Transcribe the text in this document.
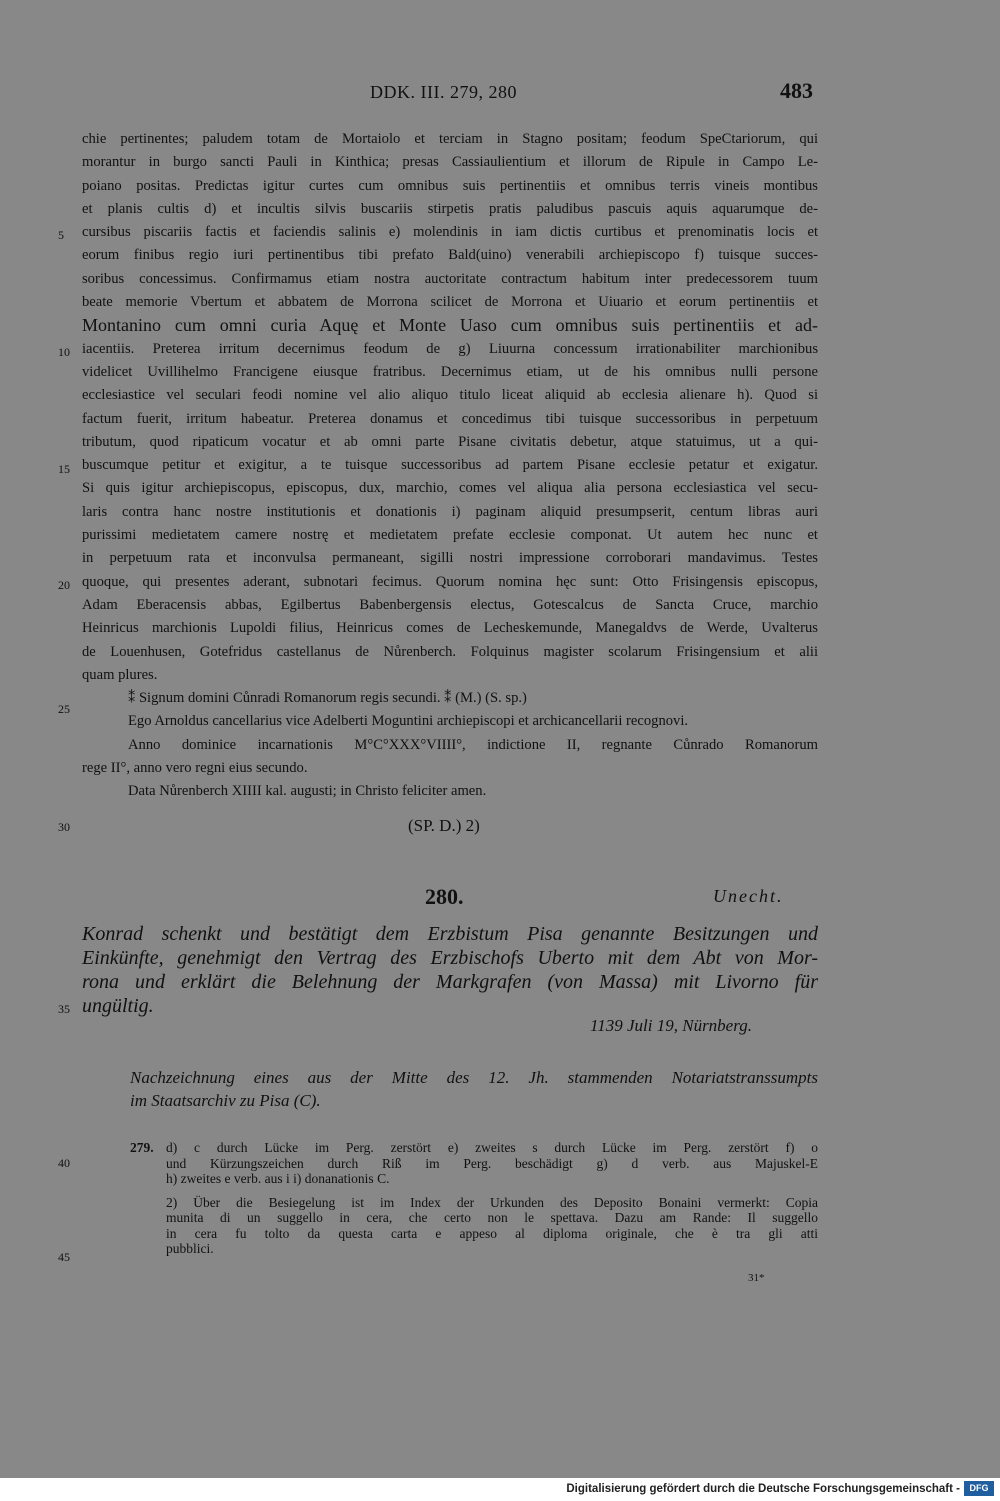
DDK. III. 279, 280	483
chie pertinentes; paludem totam de Mortaiolo et terciam in Stagno positam; feodum SpeCtariorum, qui
morantur in burgo sancti Pauli in Kinthica; presas Cassiaulientium et illorum de Ripule in Campo Le-
poiano positas. Predictas igitur curtes cum omnibus suis pertinentiis et omnibus terris vineis montibus
et planis cultis d) et incultis silvis buscariis stirpetis pratis paludibus pascuis aquis aquarumque de-
cursibus piscariis factis et faciendis salinis e) molendinis in iam dictis curtibus et prenominatis locis et
eorum finibus regio iuri pertinentibus tibi prefato Bald(uino) venerabili archiepiscopo f) tuisque succes-
soribus concessimus. Confirmamus etiam nostra auctoritate contractum habitum inter predecessorem tuum
beate memorie Vbertum et abbatem de Morrona scilicet de Morrona et Uiuario et eorum pertinentiis et
Montanino cum omni curia Aquę et Monte Uaso cum omnibus suis pertinentiis et ad-
iacentiis. Preterea irritum decernimus feodum de g) Liuurna concessum irrationabiliter marchionibus
videlicet Uvillihelmo Francigene eiusque fratribus. Decernimus etiam, ut de his omnibus nulli persone
ecclesiastice vel seculari feodi nomine vel alio aliquo titulo liceat aliquid ab ecclesia alienare h). Quod si
factum fuerit, irritum habeatur. Preterea donamus et concedimus tibi tuisque successoribus in perpetuum
tributum, quod ripaticum vocatur et ab omni parte Pisane civitatis debetur, atque statuimus, ut a qui-
buscumque petitur et exigitur, a te tuisque successoribus ad partem Pisane ecclesie petatur et exigatur.
Si quis igitur archiepiscopus, episcopus, dux, marchio, comes vel aliqua alia persona ecclesiastica vel secu-
laris contra hanc nostre institutionis et donationis i) paginam aliquid presumpserit, centum libras auri
purissimi medietatem camere nostrę et medietatem prefate ecclesie componat. Ut autem hec nunc et
in perpetuum rata et inconvulsa permaneant, sigilli nostri impressione corroborari mandavimus. Testes
quoque, qui presentes aderant, subnotari fecimus. Quorum nomina hęc sunt: Otto Frisingensis episcopus,
Adam Eberacensis abbas, Egilbertus Babenbergensis electus, Gotescalcus de Sancta Cruce, marchio
Heinricus marchionis Lupoldi filius, Heinricus comes de Lecheskemunde, Manegaldvs de Werde, Uvalterus
de Louenhusen, Gotefridus castellanus de Nůrenberch. Folquinus magister scolarum Frisingensium et alii
quam plures.
⁑ Signum domini Cůnradi Romanorum regis secundi. ⁑ (M.) (S. sp.)
Ego Arnoldus cancellarius vice Adelberti Moguntini archiepiscopi et archicancellarii recognovi.
Anno dominice incarnationis M°C°XXX°VIIII°, indictione II, regnante Cůnrado Romanorum
rege II°, anno vero regni eius secundo.
Data Nůrenberch XIIII kal. augusti; in Christo feliciter amen.
5
10
15
20
25
30
35
40
45
(SP. D.) 2)
280.	Unecht.
Konrad schenkt und bestätigt dem Erzbistum Pisa genannte Besitzungen und
Einkünfte, genehmigt den Vertrag des Erzbischofs Uberto mit dem Abt von Mor-
rona und erklärt die Belehnung der Markgrafen (von Massa) mit Livorno für
ungültig.
1139 Juli 19, Nürnberg.
Nachzeichnung eines aus der Mitte des 12. Jh. stammenden Notariatstranssumpts
im Staatsarchiv zu Pisa (C).
279. d) c durch Lücke im Perg. zerstört e) zweites s durch Lücke im Perg. zerstört f) o
und Kürzungszeichen durch Riß im Perg. beschädigt g) d verb. aus Majuskel-E
h) zweites e verb. aus i i) donanationis C.
2) Über die Besiegelung ist im Index der Urkunden des Deposito Bonaini vermerkt: Copia
munita di un suggello in cera, che certo non le spettava. Dazu am Rande: Il suggello
in cera fu tolto da questa carta e appeso al diploma originale, che è tra gli atti
pubblici.
31*
Digitalisierung gefördert durch die Deutsche Forschungsgemeinschaft -	DFG
